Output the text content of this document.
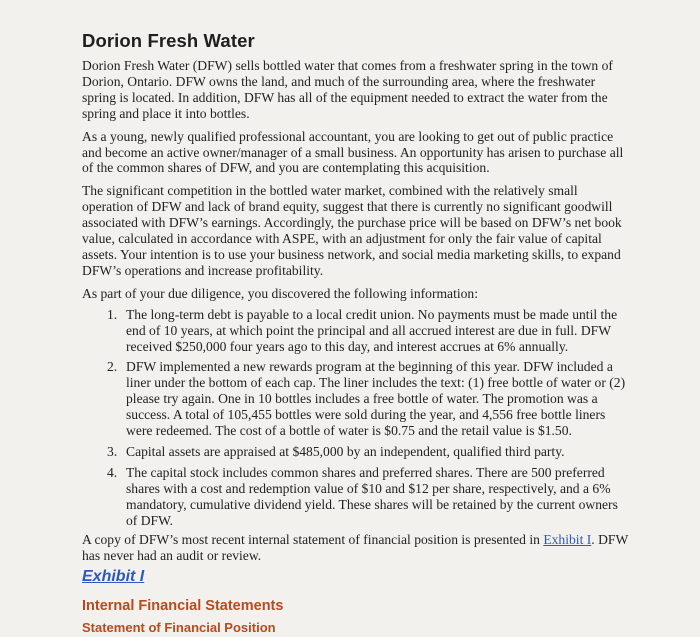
Dorion Fresh Water

Dorion Fresh Water (DFW) sells bottled water that comes from a freshwater spring in the town of Dorion, Ontario. DFW owns the land, and much of the surrounding area, where the freshwater spring is located. In addition, DFW has all of the equipment needed to extract the water from the spring and place it into bottles.

As a young, newly qualified professional accountant, you are looking to get out of public practice and become an active owner/manager of a small business. An opportunity has arisen to purchase all of the common shares of DFW, and you are contemplating this acquisition.

The significant competition in the bottled water market, combined with the relatively small operation of DFW and lack of brand equity, suggest that there is currently no significant goodwill associated with DFW’s earnings. Accordingly, the purchase price will be based on DFW’s net book value, calculated in accordance with ASPE, with an adjustment for only the fair value of capital assets. Your intention is to use your business network, and social media marketing skills, to expand DFW’s operations and increase profitability.

As part of your due diligence, you discovered the following information:

1. The long-term debt is payable to a local credit union. No payments must be made until the end of 10 years, at which point the principal and all accrued interest are due in full. DFW received $250,000 four years ago to this day, and interest accrues at 6% annually.
2. DFW implemented a new rewards program at the beginning of this year. DFW included a liner under the bottom of each cap. The liner includes the text: (1) free bottle of water or (2) please try again. One in 10 bottles includes a free bottle of water. The promotion was a success. A total of 105,455 bottles were sold during the year, and 4,556 free bottle liners were redeemed. The cost of a bottle of water is $0.75 and the retail value is $1.50.
3. Capital assets are appraised at $485,000 by an independent, qualified third party.
4. The capital stock includes common shares and preferred shares. There are 500 preferred shares with a cost and redemption value of $10 and $12 per share, respectively, and a 6% mandatory, cumulative dividend yield. These shares will be retained by the current owners of DFW.

A copy of DFW’s most recent internal statement of financial position is presented in Exhibit I. DFW has never had an audit or review.

Exhibit I
Internal Financial Statements
Statement of Financial Position
